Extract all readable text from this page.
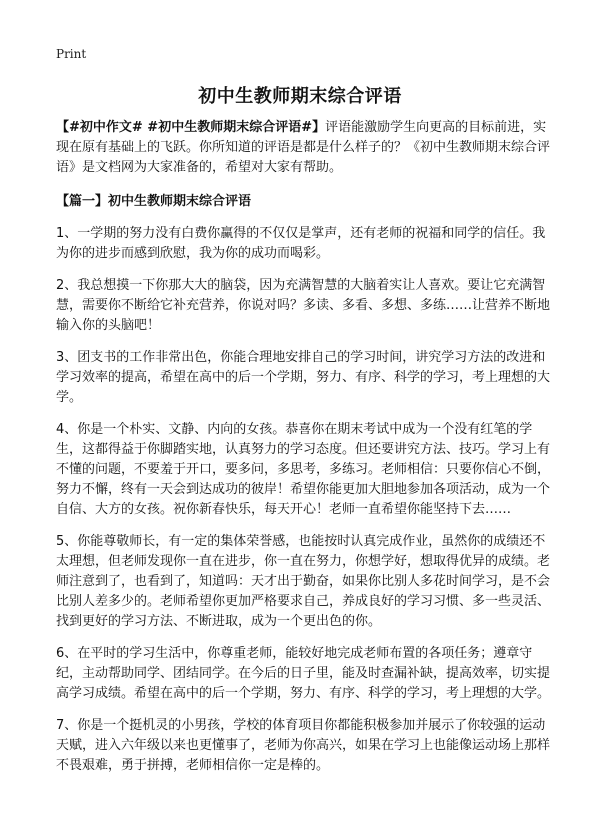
Print
初中生教师期末综合评语

【#初中作文# #初中生教师期末综合评语#】评语能激励学生向更高的目标前进，实现在原有基础上的飞跃。你所知道的评语是都是什么样子的？《初中生教师期末综合评语》是文档网为大家准备的，希望对大家有帮助。

【篇一】初中生教师期末综合评语

1、一学期的努力没有白费你赢得的不仅仅是掌声，还有老师的祝福和同学的信任。我为你的进步而感到欣慰，我为你的成功而喝彩。

2、我总想摸一下你那大大的脑袋，因为充满智慧的大脑着实让人喜欢。要让它充满智慧，需要你不断给它补充营养，你说对吗？多读、多看、多想、多练……让营养不断地输入你的头脑吧！

3、团支书的工作非常出色，你能合理地安排自己的学习时间，讲究学习方法的改进和学习效率的提高，希望在高中的后一个学期，努力、有序、科学的学习，考上理想的大学。

4、你是一个朴实、文静、内向的女孩。恭喜你在期末考试中成为一个没有红笔的学生，这都得益于你脚踏实地，认真努力的学习态度。但还要讲究方法、技巧。学习上有不懂的问题，不要羞于开口，要多问，多思考，多练习。老师相信：只要你信心不倒，努力不懈，终有一天会到达成功的彼岸！希望你能更加大胆地参加各项活动，成为一个自信、大方的女孩。祝你新春快乐，每天开心！老师一直希望你能坚持下去……

5、你能尊敬师长，有一定的集体荣誉感，也能按时认真完成作业，虽然你的成绩还不太理想，但老师发现你一直在进步，你一直在努力，你想学好，想取得优异的成绩。老师注意到了，也看到了，知道吗：天才出于勤奋，如果你比别人多花时间学习，是不会比别人差多少的。老师希望你更加严格要求自己，养成良好的学习习惯、多一些灵活、找到更好的学习方法、不断进取，成为一个更出色的你。

6、在平时的学习生活中，你尊重老师，能较好地完成老师布置的各项任务；遵章守纪，主动帮助同学、团结同学。在今后的日子里，能及时查漏补缺，提高效率，切实提高学习成绩。希望在高中的后一个学期，努力、有序、科学的学习，考上理想的大学。

7、你是一个挺机灵的小男孩，学校的体育项目你都能积极参加并展示了你较强的运动天赋，进入六年级以来也更懂事了，老师为你高兴，如果在学习上也能像运动场上那样不畏艰难，勇于拼搏，老师相信你一定是棒的。
